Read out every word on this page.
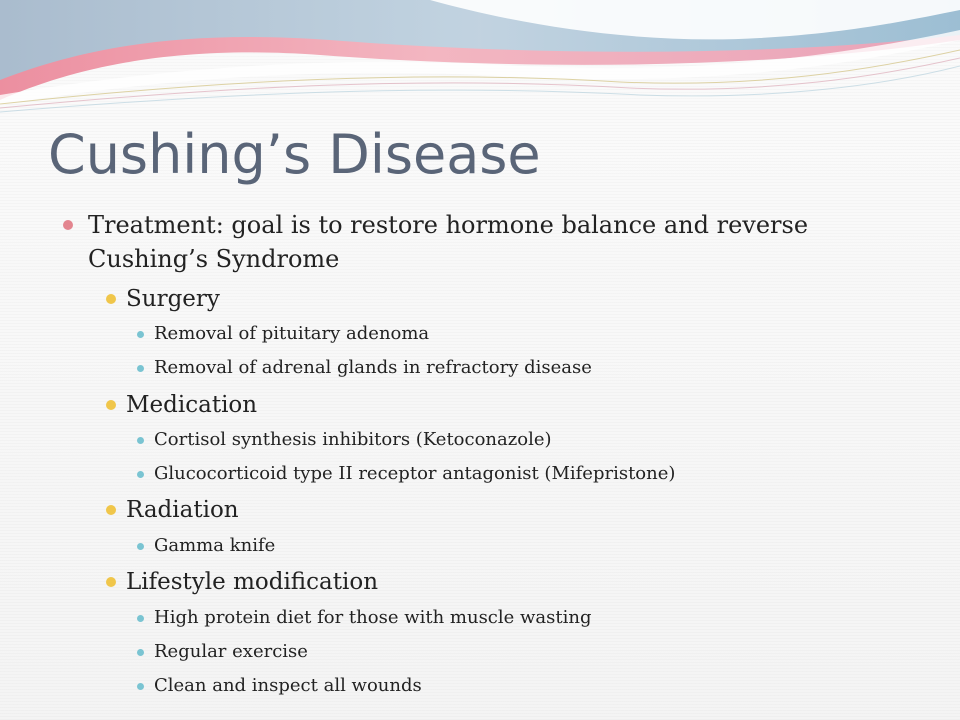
Cushing’s Disease
Treatment: goal is to restore hormone balance and reverse Cushing’s Syndrome
Surgery
Removal of pituitary adenoma
Removal of adrenal glands in refractory disease
Medication
Cortisol synthesis inhibitors (Ketoconazole)
Glucocorticoid type II receptor antagonist (Mifepristone)
Radiation
Gamma knife
Lifestyle modification
High protein diet for those with muscle wasting
Regular exercise
Clean and inspect all wounds
